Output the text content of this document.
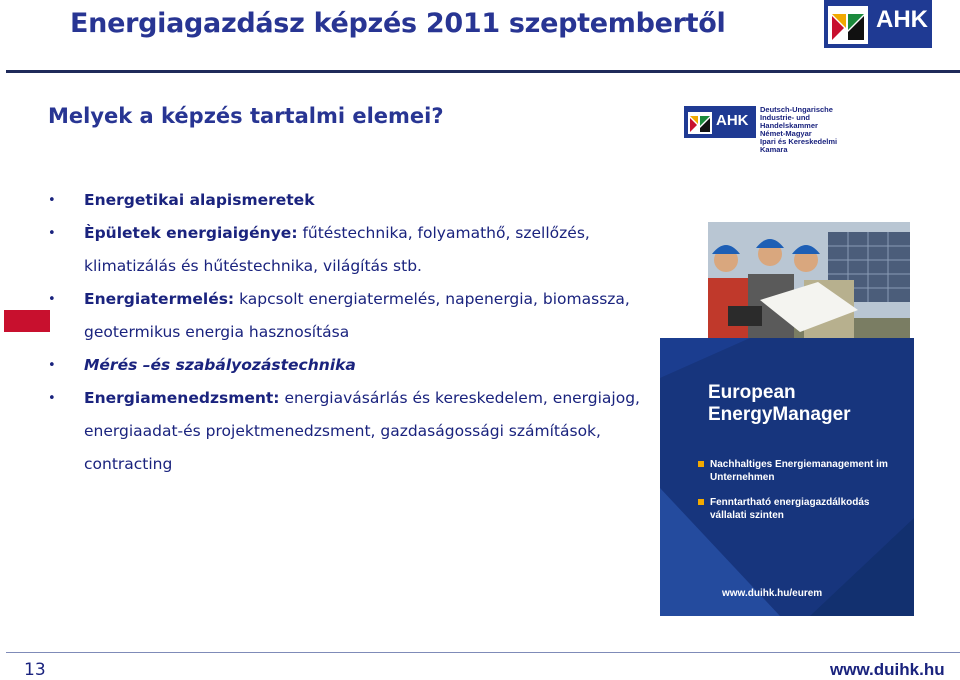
Energiagazdász képzés 2011 szeptembertől	AHK
Melyek a képzés tartalmi elemei?	AHK
Deutsch-Ungarische
Industrie- und Handelskammer
Német-Magyar
Ipari és Kereskedelmi Kamara
• Energetikai alapismeretek
• Èpületek energiaigénye: fűtéstechnika, folyamathő, szellőzés, klimatizálás és hűtéstechnika, világítás stb.
• Energiatermelés: kapcsolt energiatermelés, napenergia, biomassza, geotermikus energia hasznosítása
• Mérés –és szabályozástechnika
• Energiamenedzsment: energiavásárlás és kereskedelem, energiajog, energiaadat-és projektmenedzsment, gazdaságossági számítások, contracting
European
EnergyManager
Nachhaltiges Energiemanagement im Unternehmen
Fenntartható energiagazdálkodás vállalati szinten
www.duihk.hu/eurem
13	www.duihk.hu
